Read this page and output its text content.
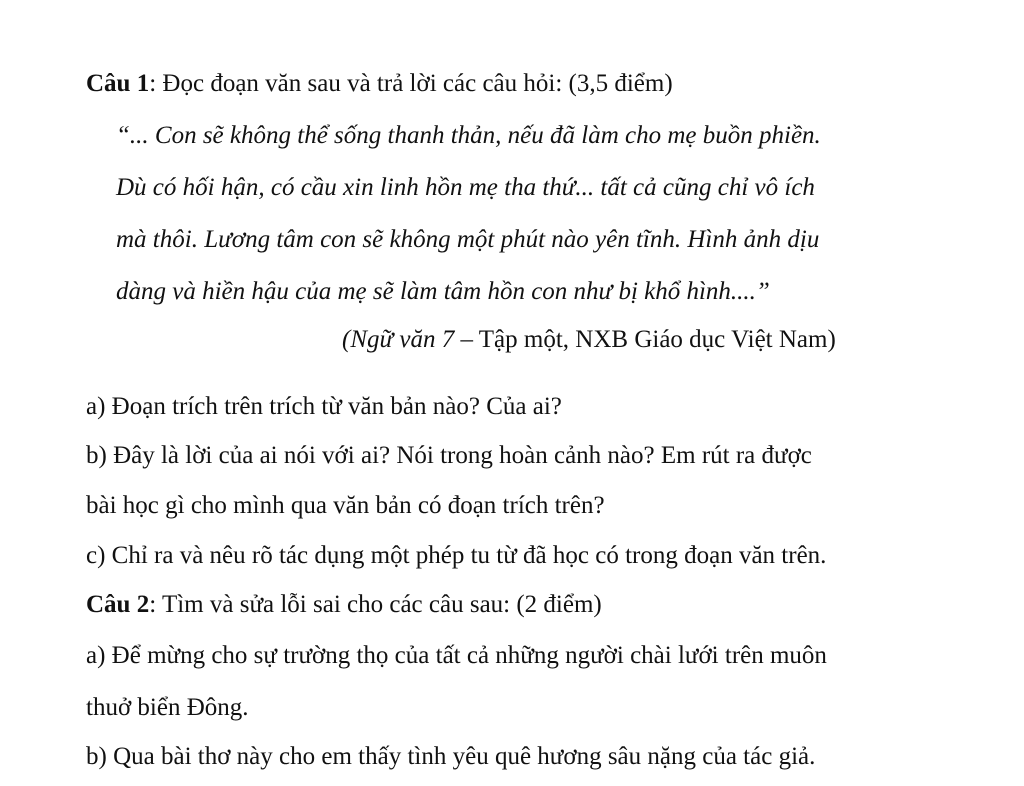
Câu 1: Đọc đoạn văn sau và trả lời các câu hỏi: (3,5 điểm)
“... Con sẽ không thể sống thanh thản, nếu đã làm cho mẹ buồn phiền.
Dù có hối hận, có cầu xin linh hồn mẹ tha thứ... tất cả cũng chỉ vô ích
mà thôi. Lương tâm con sẽ không một phút nào yên tĩnh. Hình ảnh dịu
dàng và hiền hậu của mẹ sẽ làm tâm hồn con như bị khổ hình....”
(Ngữ văn 7 – Tập một, NXB Giáo dục Việt Nam)
a) Đoạn trích trên trích từ văn bản nào? Của ai?
b) Đây là lời của ai nói với ai? Nói trong hoàn cảnh nào? Em rút ra được
bài học gì cho mình qua văn bản có đoạn trích trên?
c) Chỉ ra và nêu rõ tác dụng một phép tu từ đã học có trong đoạn văn trên.
Câu 2: Tìm và sửa lỗi sai cho các câu sau: (2 điểm)
a) Để mừng cho sự trường thọ của tất cả những người chài lưới trên muôn
thuở biển Đông.
b) Qua bài thơ này cho em thấy tình yêu quê hương sâu nặng của tác giả.
